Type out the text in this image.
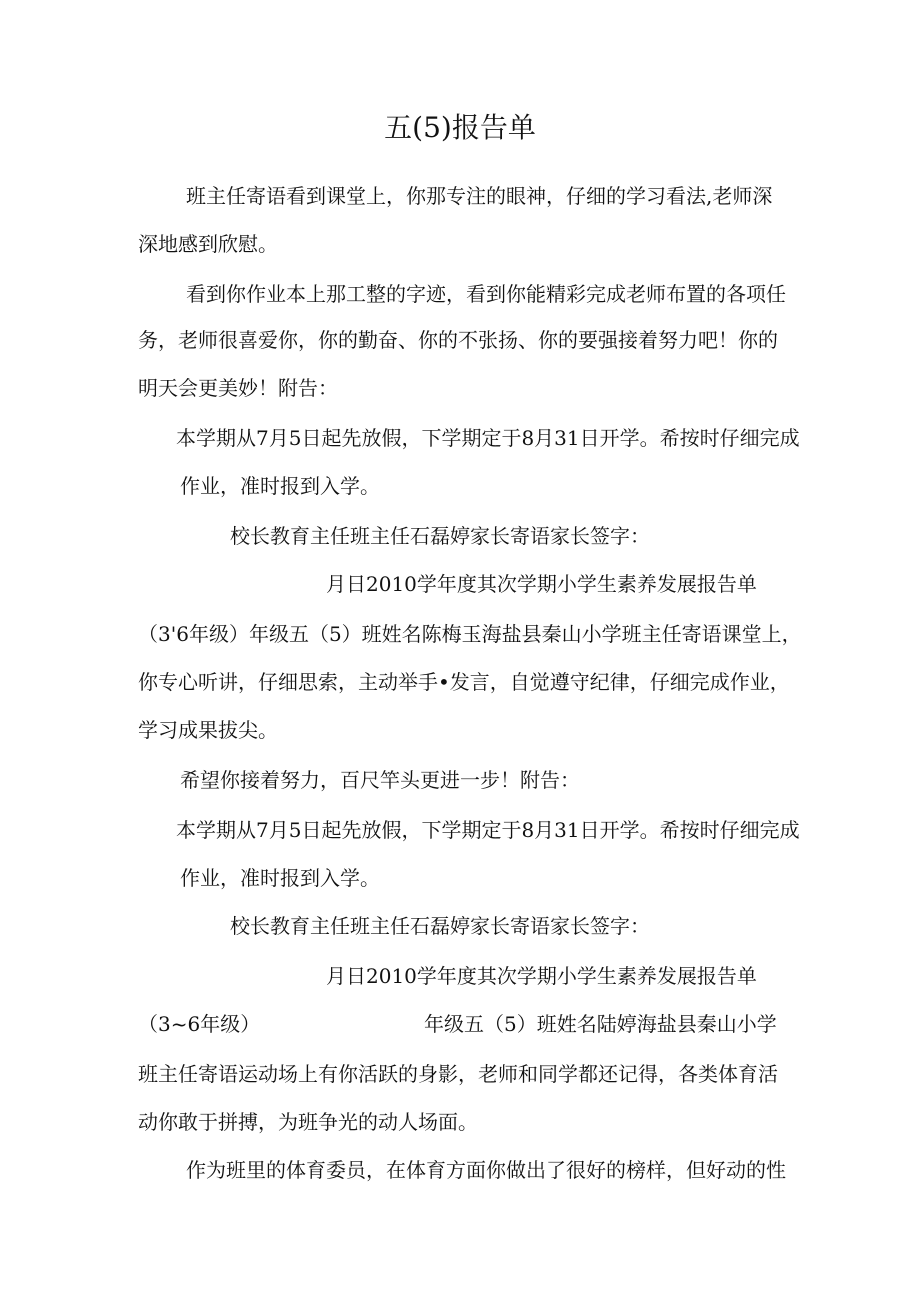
五(5)报告单
班主任寄语看到课堂上，你那专注的眼神，仔细的学习看法,老师深
深地感到欣慰。
看到你作业本上那工整的字迹，看到你能精彩完成老师布置的各项任
务，老师很喜爱你，你的勤奋、你的不张扬、你的要强接着努力吧！你的
明天会更美妙！附告：
本学期从7月5日起先放假，下学期定于8月31日开学。希按时仔细完成
作业，准时报到入学。
校长教育主任班主任石磊婷家长寄语家长签字：
月日2010学年度其次学期小学生素养发展报告单
（3'6年级）年级五（5）班姓名陈梅玉海盐县秦山小学班主任寄语课堂上，
你专心听讲，仔细思索，主动举手•发言，自觉遵守纪律，仔细完成作业，
学习成果拔尖。
希望你接着努力，百尺竿头更进一步！附告：
本学期从7月5日起先放假，下学期定于8月31日开学。希按时仔细完成
作业，准时报到入学。
校长教育主任班主任石磊婷家长寄语家长签字：
月日2010学年度其次学期小学生素养发展报告单
（3~6年级）	年级五（5）班姓名陆婷海盐县秦山小学
班主任寄语运动场上有你活跃的身影，老师和同学都还记得，各类体育活
动你敢于拼搏，为班争光的动人场面。
作为班里的体育委员，在体育方面你做出了很好的榜样，但好动的性
